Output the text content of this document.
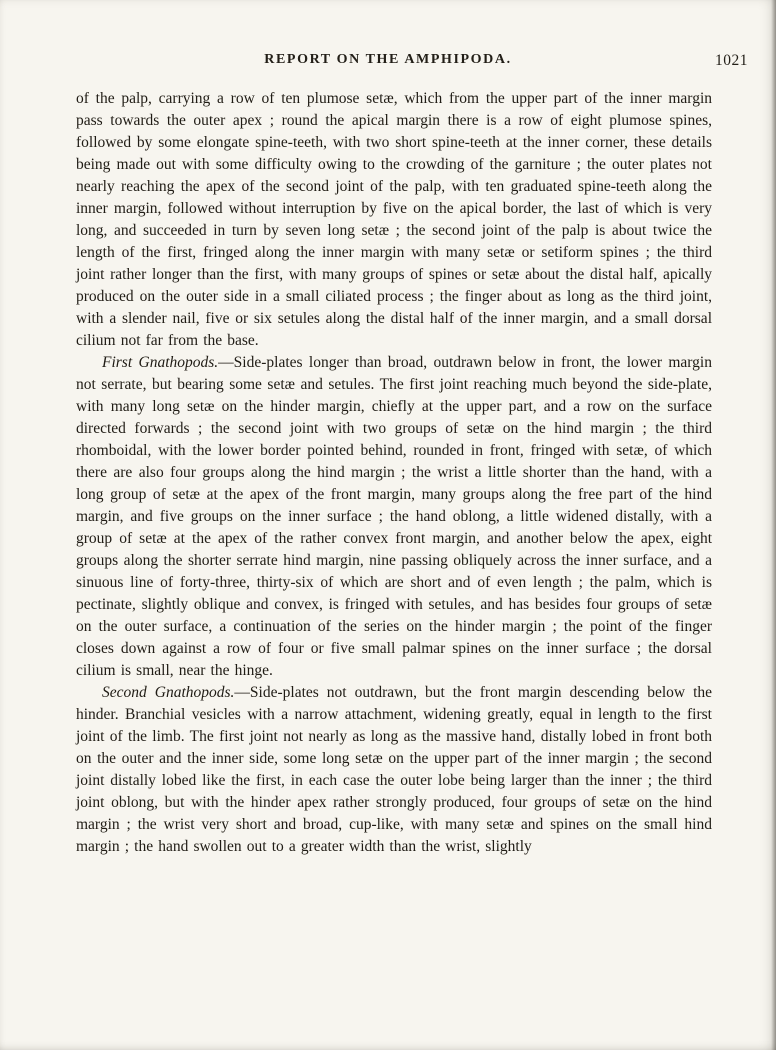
REPORT ON THE AMPHIPODA.	1021

of the palp, carrying a row of ten plumose setæ, which from the upper part of the inner margin pass towards the outer apex ; round the apical margin there is a row of eight plumose spines, followed by some elongate spine-teeth, with two short spine-teeth at the inner corner, these details being made out with some difficulty owing to the crowding of the garniture ; the outer plates not nearly reaching the apex of the second joint of the palp, with ten graduated spine-teeth along the inner margin, followed without interruption by five on the apical border, the last of which is very long, and succeeded in turn by seven long setæ ; the second joint of the palp is about twice the length of the first, fringed along the inner margin with many setæ or setiform spines ; the third joint rather longer than the first, with many groups of spines or setæ about the distal half, apically produced on the outer side in a small ciliated process ; the finger about as long as the third joint, with a slender nail, five or six setules along the distal half of the inner margin, and a small dorsal cilium not far from the base.

First Gnathopods.—Side-plates longer than broad, outdrawn below in front, the lower margin not serrate, but bearing some setæ and setules. The first joint reaching much beyond the side-plate, with many long setæ on the hinder margin, chiefly at the upper part, and a row on the surface directed forwards ; the second joint with two groups of setæ on the hind margin ; the third rhomboidal, with the lower border pointed behind, rounded in front, fringed with setæ, of which there are also four groups along the hind margin ; the wrist a little shorter than the hand, with a long group of setæ at the apex of the front margin, many groups along the free part of the hind margin, and five groups on the inner surface ; the hand oblong, a little widened distally, with a group of setæ at the apex of the rather convex front margin, and another below the apex, eight groups along the shorter serrate hind margin, nine passing obliquely across the inner surface, and a sinuous line of forty-three, thirty-six of which are short and of even length ; the palm, which is pectinate, slightly oblique and convex, is fringed with setules, and has besides four groups of setæ on the outer surface, a continuation of the series on the hinder margin ; the point of the finger closes down against a row of four or five small palmar spines on the inner surface ; the dorsal cilium is small, near the hinge.

Second Gnathopods.—Side-plates not outdrawn, but the front margin descending below the hinder. Branchial vesicles with a narrow attachment, widening greatly, equal in length to the first joint of the limb. The first joint not nearly as long as the massive hand, distally lobed in front both on the outer and the inner side, some long setæ on the upper part of the inner margin ; the second joint distally lobed like the first, in each case the outer lobe being larger than the inner ; the third joint oblong, but with the hinder apex rather strongly produced, four groups of setæ on the hind margin ; the wrist very short and broad, cup-like, with many setæ and spines on the small hind margin ; the hand swollen out to a greater width than the wrist, slightly
